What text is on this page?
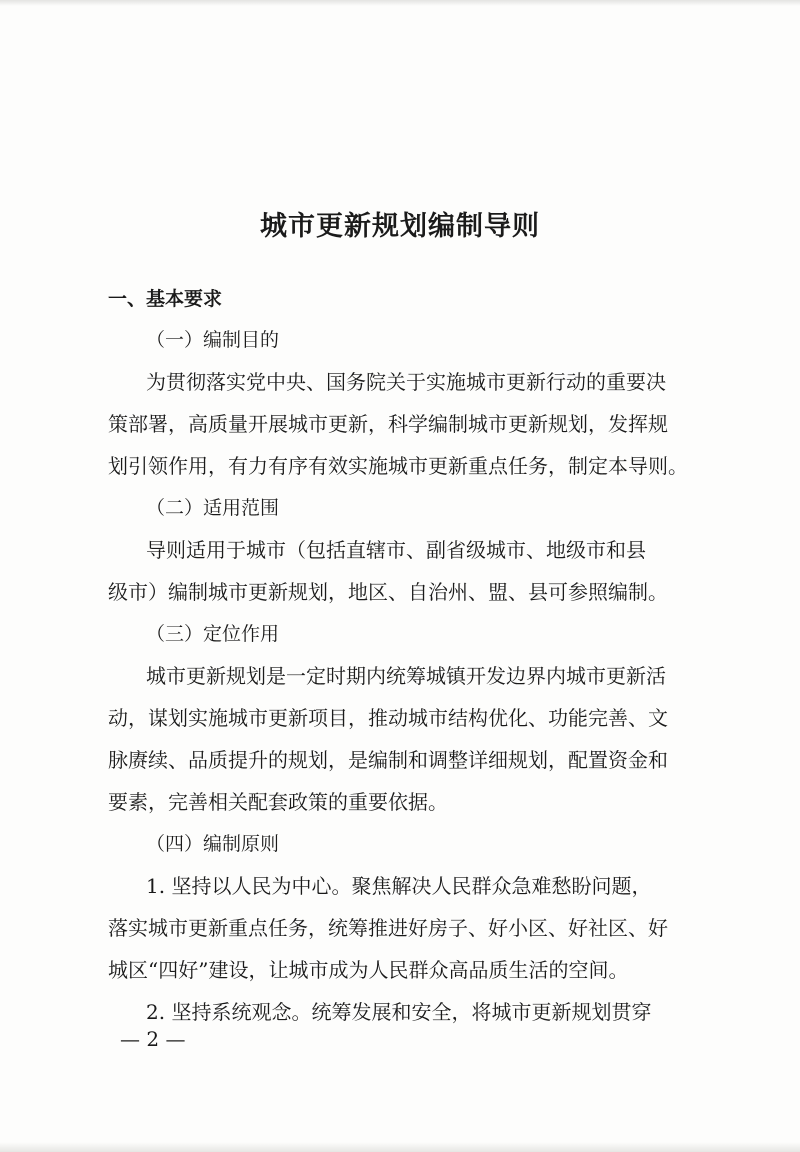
城市更新规划编制导则

一、基本要求

（一）编制目的

为贯彻落实党中央、国务院关于实施城市更新行动的重要决

策部署，高质量开展城市更新，科学编制城市更新规划，发挥规

划引领作用，有力有序有效实施城市更新重点任务，制定本导则。

（二）适用范围

导则适用于城市（包括直辖市、副省级城市、地级市和县

级市）编制城市更新规划，地区、自治州、盟、县可参照编制。

（三）定位作用

城市更新规划是一定时期内统筹城镇开发边界内城市更新活

动，谋划实施城市更新项目，推动城市结构优化、功能完善、文

脉赓续、品质提升的规划，是编制和调整详细规划，配置资金和

要素，完善相关配套政策的重要依据。

（四）编制原则

1. 坚持以人民为中心。聚焦解决人民群众急难愁盼问题，

落实城市更新重点任务，统筹推进好房子、好小区、好社区、好

城区“四好”建设，让城市成为人民群众高品质生活的空间。

2. 坚持系统观念。统筹发展和安全，将城市更新规划贯穿

— 2 —
